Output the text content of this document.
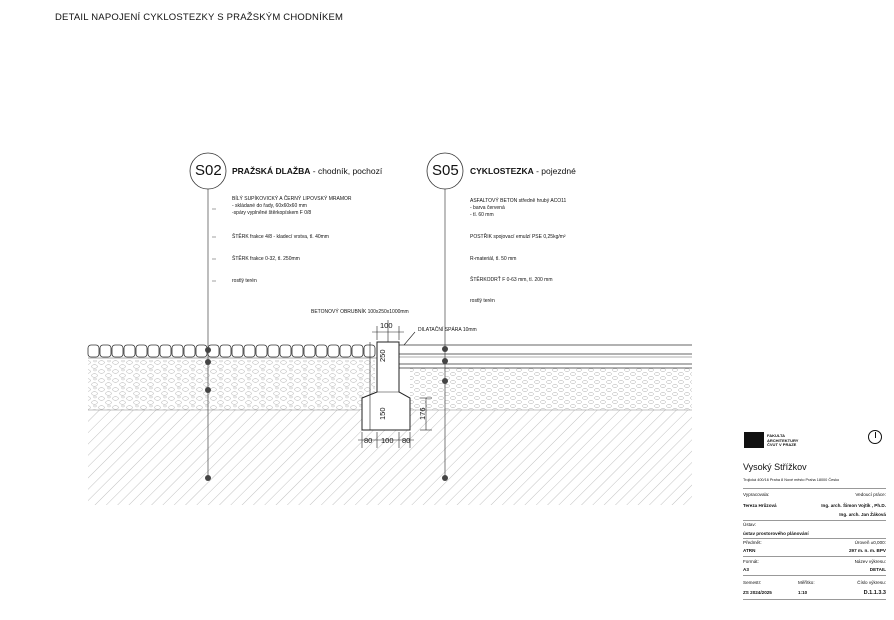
DETAIL NAPOJENÍ CYKLOSTEZKY S PRAŽSKÝM CHODNÍKEM
S02 PRAŽSKÁ DLAŽBA - chodník, pochozí
BÍLÝ SUPÍKOVICKÝ A ČERNÝ LIPOVSKÝ MRAMOR
- skládané do řady, 60x60x60 mm
-spáry vyplněné štěrkopískem F 0/8
ŠTĚRK frakce 4/8 - kladecí vrstva, tl. 40mm
ŠTĚRK frakce 0-32, tl. 250mm
rostlý terén
S05 CYKLOSTEZKA - pojezdné
ASFALTOVÝ BETON středně hrubý ACO11
- barva červená
- tl. 60 mm
POSTŘIK spojovací emulzí PSE 0,25kg/m²
R-materiál, tl. 50 mm
ŠTĚRKODRŤ F 0-63 mm, tl. 200 mm
rostlý terén
BETONOVÝ OBRUBNÍK 100x250x1000mm
DILATAČNÍ SPÁRA 10mm
100
250
150	176
80 100 80
FAKULTA
ARCHITEKTURY
ČVUT V PRAZE
Vysoký Střížkov
Trojická 400/16 Praha 8 Nové město Praha 18000 Česko
Vypracovala:	Vedoucí práce:
Tereza Hrůzová	Ing. arch. Šimon Vojtík , Ph.D.
Ing. arch. Jan Žáková
Ústav:
ústav prostorového plánování
Předmět:	Úroveň ±0,000:
ATRN	297 m. n. m. BPV
Formát:	Název výkresu:
A3	DETAIL
Semestr:	Měřítko:	Číslo výkresu:
ZS 2024/2025	1:10	D.1.1.3.3
